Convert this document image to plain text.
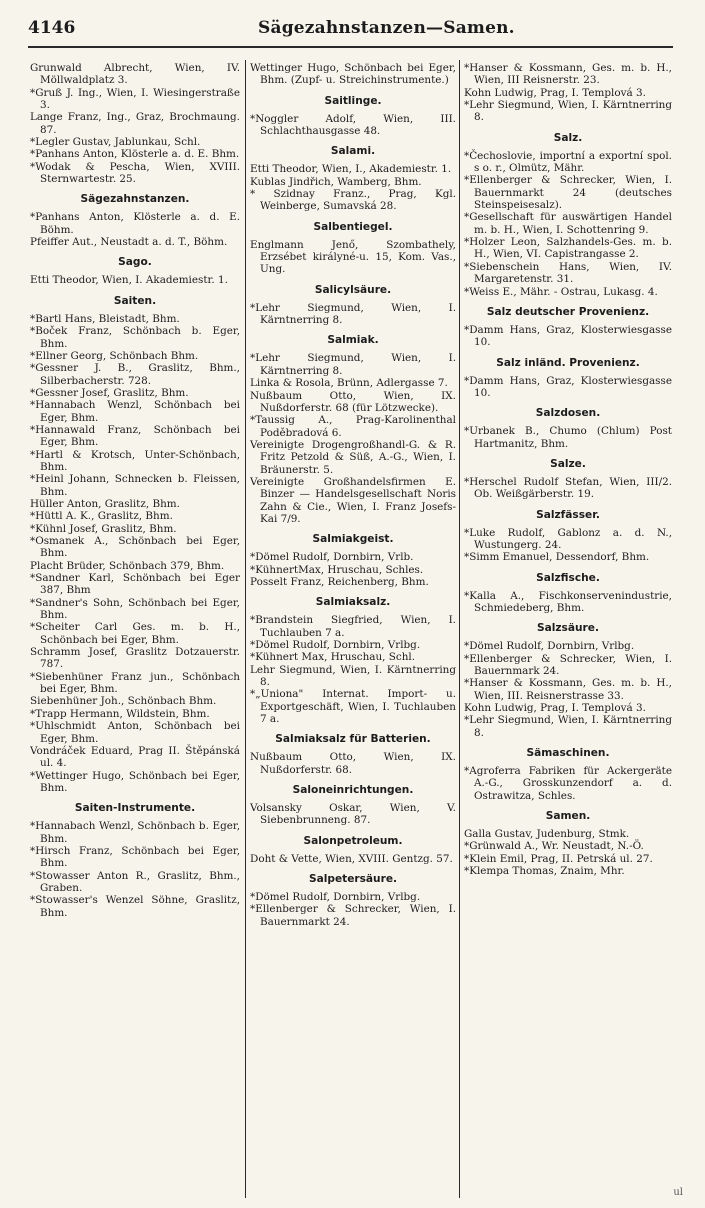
4146	Sägezahnstanzen—Samen.
Grunwald Albrecht, Wien, IV. Möllwaldplatz 3.
*Gruß J. Ing., Wien, I. Wiesingerstraße 3.
Lange Franz, Ing., Graz, Brochmaung. 87.
*Legler Gustav, Jablunkau, Schl.
*Panhans Anton, Klösterle a. d. E. Bhm.
*Wodak & Pescha, Wien, XVIII. Sternwartestr. 25.
Sägezahnstanzen.
*Panhans Anton, Klösterle a. d. E. Böhm.
Pfeiffer Aut., Neustadt a. d. T., Böhm.
Sago.
Etti Theodor, Wien, I. Akademiestr. 1.
Saiten.
*Bartl Hans, Bleistadt, Bhm.
*Boček Franz, Schönbach b. Eger, Bhm.
*Ellner Georg, Schönbach Bhm.
*Gessner J. B., Graslitz, Bhm., Silberbacherstr. 728.
*Gessner Josef, Graslitz, Bhm.
*Hannabach Wenzl, Schönbach bei Eger, Bhm.
*Hannawald Franz, Schönbach bei Eger, Bhm.
*Hartl & Krotsch, Unter-Schönbach, Bhm.
*Heinl Johann, Schnecken b. Fleissen, Bhm.
Hüller Anton, Graslitz, Bhm.
*Hüttl A. K., Graslitz, Bhm.
*Kühnl Josef, Graslitz, Bhm.
*Osmanek A., Schönbach bei Eger, Bhm.
Placht Brüder, Schönbach 379, Bhm.
*Sandner Karl, Schönbach bei Eger 387, Bhm
*Sandner's Sohn, Schönbach bei Eger, Bhm.
*Scheiter Carl Ges. m. b. H., Schönbach bei Eger, Bhm.
Schramm Josef, Graslitz Dotzauerstr. 787.
*Siebenhüner Franz jun., Schönbach bei Eger, Bhm.
Siebenhüner Joh., Schönbach Bhm.
*Trapp Hermann, Wildstein, Bhm.
*Uhlschmidt Anton, Schönbach bei Eger, Bhm.
Vondráček Eduard, Prag II. Štěpánská ul. 4.
*Wettinger Hugo, Schönbach bei Eger, Bhm.
Saiten-Instrumente.
*Hannabach Wenzl, Schönbach b. Eger, Bhm.
*Hirsch Franz, Schönbach bei Eger, Bhm.
*Stowasser Anton R., Graslitz, Bhm., Graben.
*Stowasser's Wenzel Söhne, Graslitz, Bhm.
Wettinger Hugo, Schönbach bei Eger, Bhm. (Zupf- u. Streichinstrumente.)
Saitlinge.
*Noggler Adolf, Wien, III. Schlachthausgasse 48.
Salami.
Etti Theodor, Wien, I., Akademiestr. 1.
Kublas Jindřich, Wamberg, Bhm.
* Szidnay Franz., Prag, Kgl. Weinberge, Sumavská 28.
Salbentiegel.
Englmann Jenő, Szombathely, Erzsébet királyné-u. 15, Kom. Vas., Ung.
Salicylsäure.
*Lehr Siegmund, Wien, I. Kärntnerring 8.
Salmiak.
*Lehr Siegmund, Wien, I. Kärntnerring 8.
Linka & Rosola, Brünn, Adlergasse 7.
Nußbaum Otto, Wien, IX. Nußdorferstr. 68 (für Lötzwecke).
*Taussig A., Prag-Karolinenthal Poděbradová 6.
Vereinigte Drogengroßhandl-G. & R. Fritz Petzold & Süß, A.-G., Wien, I. Bräunerstr. 5.
Vereinigte Großhandelsfirmen E. Binzer — Handelsgesellschaft Noris Zahn & Cie., Wien, I. Franz Josefs-Kai 7/9.
Salmiakgeist.
*Dömel Rudolf, Dornbirn, Vrlb.
*KühnertMax, Hruschau, Schles.
Posselt Franz, Reichenberg, Bhm.
Salmiaksalz.
*Brandstein Siegfried, Wien, I. Tuchlauben 7 a.
*Dömel Rudolf, Dornbirn, Vrlbg.
*Kühnert Max, Hruschau, Schl.
Lehr Siegmund, Wien, I. Kärntnerring 8.
*„Uniona" Internat. Import- u. Exportgeschäft, Wien, I. Tuchlauben 7 a.
Salmiaksalz für Batterien.
Nußbaum Otto, Wien, IX. Nußdorferstr. 68.
Saloneinrichtungen.
Volsansky Oskar, Wien, V. Siebenbrunneng. 87.
Salonpetroleum.
Doht & Vette, Wien, XVIII. Gentzg. 57.
Salpetersäure.
*Dömel Rudolf, Dornbirn, Vrlbg.
*Ellenberger & Schrecker, Wien, I. Bauernmarkt 24.
*Hanser & Kossmann, Ges. m. b. H., Wien, III Reisnerstr. 23.
Kohn Ludwig, Prag, I. Templová 3.
*Lehr Siegmund, Wien, I. Kärntnerring 8.
Salz.
*Čechoslovie, importní a exportní spol. s o. r., Olmütz, Mähr.
*Ellenberger & Schrecker, Wien, I. Bauernmarkt 24 (deutsches Steinspeisesalz).
*Gesellschaft für auswärtigen Handel m. b. H., Wien, I. Schottenring 9.
*Holzer Leon, Salzhandels-Ges. m. b. H., Wien, VI. Capistrangasse 2.
*Siebenschein Hans, Wien, IV. Margaretenstr. 31.
*Weiss E., Mähr. - Ostrau, Lukasg. 4.
Salz deutscher Provenienz.
*Damm Hans, Graz, Klosterwiesgasse 10.
Salz inländ. Provenienz.
*Damm Hans, Graz, Klosterwiesgasse 10.
Salzdosen.
*Urbanek B., Chumo (Chlum) Post Hartmanitz, Bhm.
Salze.
*Herschel Rudolf Stefan, Wien, III/2. Ob. Weißgärberstr. 19.
Salzfässer.
*Luke Rudolf, Gablonz a. d. N., Wustungerg. 24.
*Simm Emanuel, Dessendorf, Bhm.
Salzfische.
*Kalla A., Fischkonservenindustrie, Schmiedeberg, Bhm.
Salzsäure.
*Dömel Rudolf, Dornbirn, Vrlbg.
*Ellenberger & Schrecker, Wien, I. Bauernmark 24.
*Hanser & Kossmann, Ges. m. b. H., Wien, III. Reisnerstrasse 33.
Kohn Ludwig, Prag, I. Templová 3.
*Lehr Siegmund, Wien, I. Kärntnerring 8.
Sämaschinen.
*Agroferra Fabriken für Ackergeräte A.-G., Grosskunzendorf a. d. Ostrawitza, Schles.
Samen.
Galla Gustav, Judenburg, Stmk.
*Grünwald A., Wr. Neustadt, N.-Ö.
*Klein Emil, Prag, II. Petrská ul. 27.
*Klempa Thomas, Znaim, Mhr.
ul
